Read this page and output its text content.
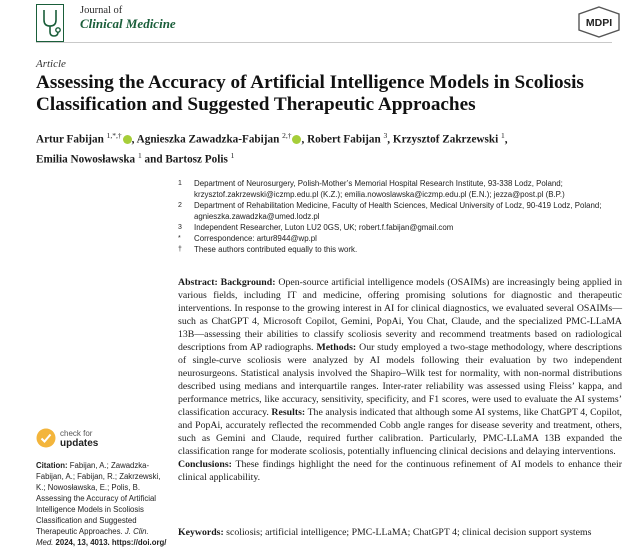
Journal of
Clinical Medicine	MDPI
Article
Assessing the Accuracy of Artificial Intelligence Models in Scoliosis Classification and Suggested Therapeutic Approaches
Artur Fabijan $^{1,*,\dagger}$ , Agnieszka Zawadzka-Fabijan $^{2,\dagger}$ , Robert Fabijan $^3$, Krzysztof Zakrzewski $^1$,
Emilia Nowosławska $^1$ and Bartosz Polis $^1$
1	Department of Neurosurgery, Polish-Mother’s Memorial Hospital Research Institute, 93-338 Lodz, Poland; krzysztof.zakrzewski@iczmp.edu.pl (K.Z.); emilia.nowoslawska@iczmp.edu.pl (E.N.); jezza@post.pl (B.P.)
2	Department of Rehabilitation Medicine, Faculty of Health Sciences, Medical University of Lodz, 90-419 Lodz, Poland; agnieszka.zawadzka@umed.lodz.pl
3	Independent Researcher, Luton LU2 0GS, UK; robert.f.fabijan@gmail.com
*	Correspondence: artur8944@wp.pl
†	These authors contributed equally to this work.
Abstract: Background: Open-source artificial intelligence models (OSAIMs) are increasingly being applied in various fields, including IT and medicine, offering promising solutions for diagnostic and therapeutic interventions. In response to the growing interest in AI for clinical diagnostics, we evaluated several OSAIMs—such as ChatGPT 4, Microsoft Copilot, Gemini, PopAi, You Chat, Claude, and the specialized PMC-LLaMA 13B—assessing their abilities to classify scoliosis severity and recommend treatments based on radiological descriptions from AP radiographs. Methods: Our study employed a two-stage methodology, where descriptions of single-curve scoliosis were analyzed by AI models following their evaluation by two independent neurosurgeons. Statistical analysis involved the Shapiro–Wilk test for normality, with non-normal distributions described using medians and interquartile ranges. Inter-rater reliability was assessed using Fleiss’ kappa, and performance metrics, like accuracy, sensitivity, specificity, and F1 scores, were used to evaluate the AI systems’ classification accuracy. Results: The analysis indicated that although some AI systems, like ChatGPT 4, Copilot, and PopAi, accurately reflected the recommended Cobb angle ranges for disease severity and treatment, others, such as Gemini and Claude, required further calibration. Particularly, PMC-LLaMA 13B expanded the classification range for moderate scoliosis, potentially influencing clinical decisions and delaying interventions.
Conclusions: These findings highlight the need for the continuous refinement of AI models to enhance their clinical applicability.
Keywords: scoliosis; artificial intelligence; PMC-LLaMA; ChatGPT 4; clinical decision support systems
check for
updates
Citation: Fabijan, A.; Zawadzka-Fabijan, A.; Fabijan, R.; Zakrzewski, K.; Nowosławska, E.; Polis, B. Assessing the Accuracy of Artificial Intelligence Models in Scoliosis Classification and Suggested Therapeutic Approaches. J. Clin. Med. 2024, 13, 4013. https://doi.org/
